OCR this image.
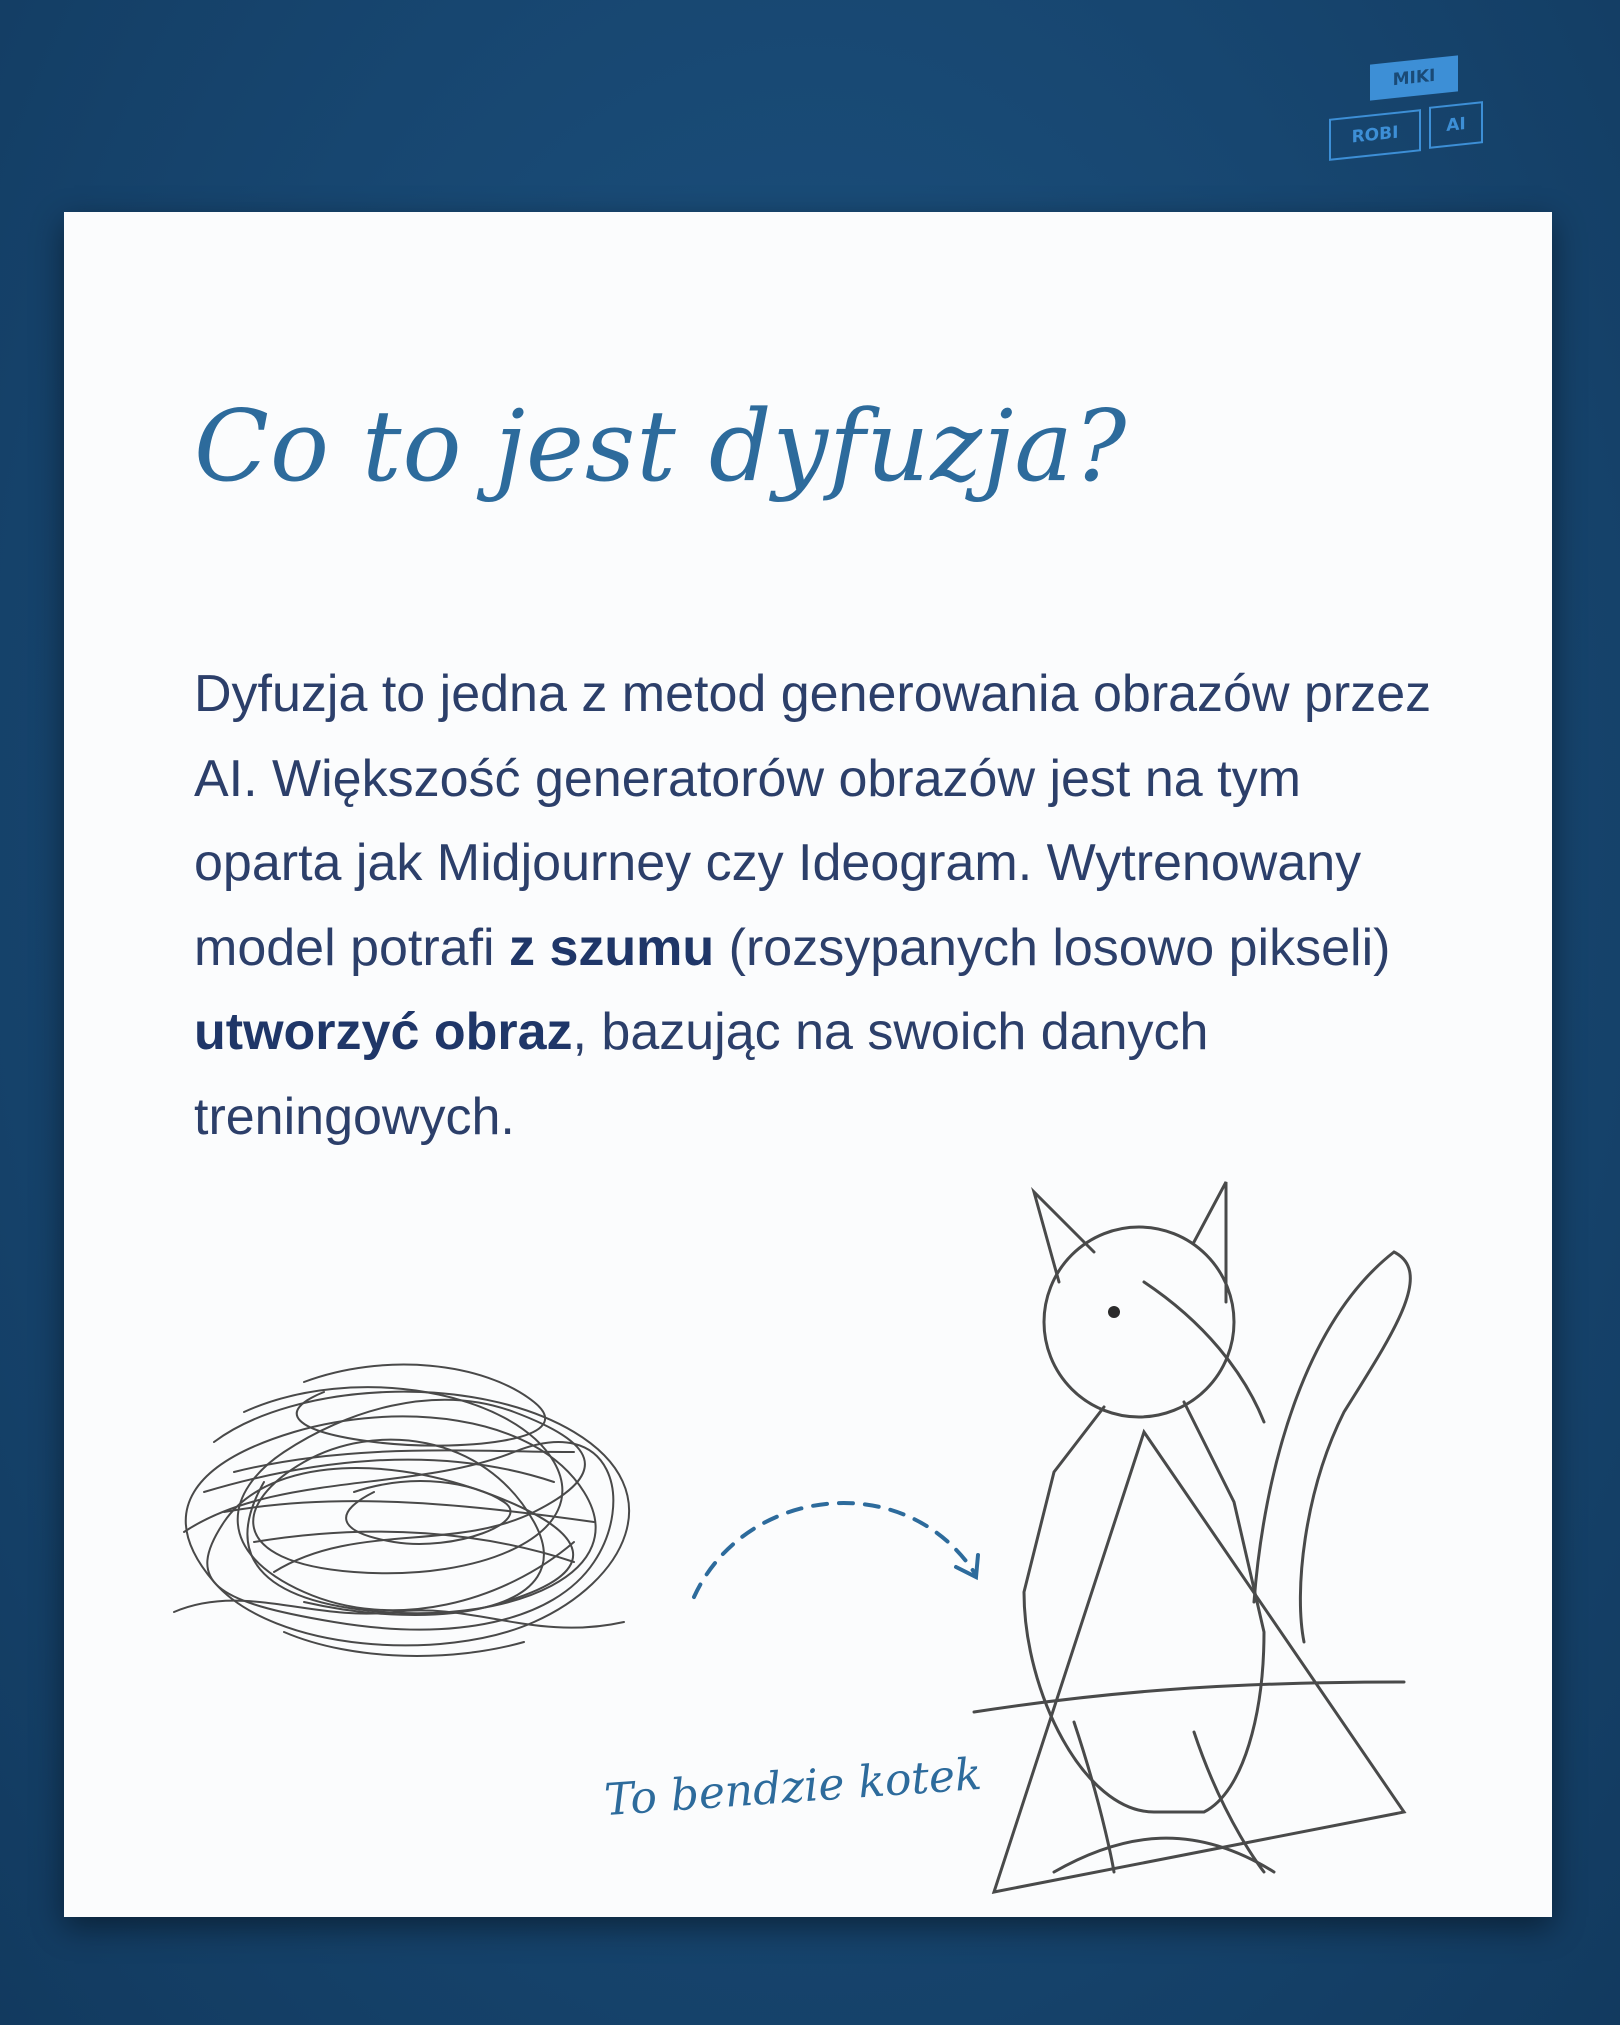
MIKI
ROBI	AI
Co to jest dyfuzja?

Dyfuzja to jedna z metod generowania obrazów przez AI. Większość generatorów obrazów jest na tym oparta jak Midjourney czy Ideogram. Wytrenowany model potrafi z szumu (rozsypanych losowo pikseli) utworzyć obraz, bazując na swoich danych treningowych.

To bendzie kotek
